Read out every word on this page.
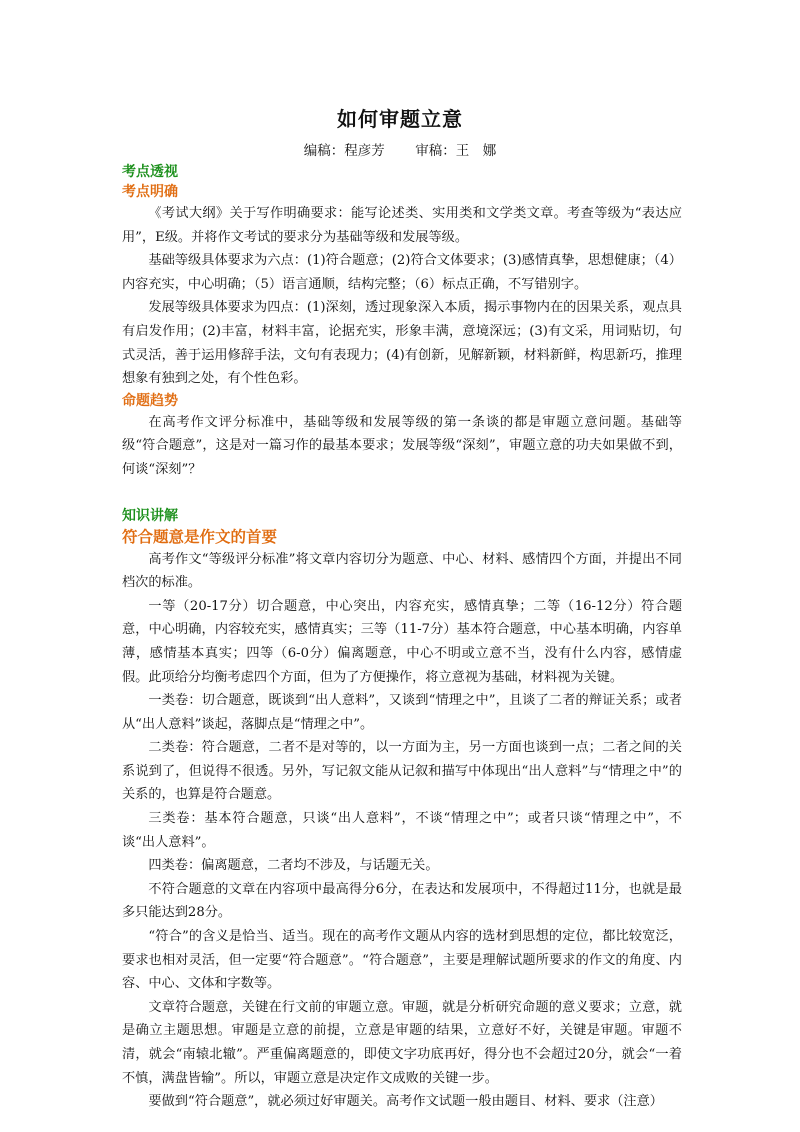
如何审题立意
编稿：程彦芳 审稿：王　娜
考点透视
考点明确

《考试大纲》关于写作明确要求：能写论述类、实用类和文学类文章。考查等级为“表达应用”，E级。并将作文考试的要求分为基础等级和发展等级。

基础等级具体要求为六点：(1)符合题意；(2)符合文体要求；(3)感情真挚，思想健康；（4）内容充实，中心明确；（5）语言通顺，结构完整；（6）标点正确，不写错别字。

发展等级具体要求为四点：(1)深刻，透过现象深入本质，揭示事物内在的因果关系，观点具有启发作用；(2)丰富，材料丰富，论据充实，形象丰满，意境深远；(3)有文采，用词贴切，句式灵活，善于运用修辞手法，文句有表现力；(4)有创新，见解新颖，材料新鲜，构思新巧，推理想象有独到之处，有个性色彩。

命题趋势

在高考作文评分标准中，基础等级和发展等级的第一条谈的都是审题立意问题。基础等级“符合题意”，这是对一篇习作的最基本要求；发展等级“深刻”，审题立意的功夫如果做不到，何谈“深刻”？

知识讲解
符合题意是作文的首要

高考作文“等级评分标准”将文章内容切分为题意、中心、材料、感情四个方面，并提出不同档次的标准。

一等（20-17分）切合题意，中心突出，内容充实，感情真挚；二等（16-12分）符合题意，中心明确，内容较充实，感情真实；三等（11-7分）基本符合题意，中心基本明确，内容单薄，感情基本真实；四等（6-0分）偏离题意，中心不明或立意不当，没有什么内容，感情虚假。此项给分均衡考虑四个方面，但为了方便操作，将立意视为基础，材料视为关键。

一类卷：切合题意，既谈到“出人意料”，又谈到“情理之中”，且谈了二者的辩证关系；或者从“出人意料”谈起，落脚点是“情理之中”。

二类卷：符合题意，二者不是对等的，以一方面为主，另一方面也谈到一点；二者之间的关系说到了，但说得不很透。另外，写记叙文能从记叙和描写中体现出“出人意料”与“情理之中”的关系的，也算是符合题意。

三类卷：基本符合题意，只谈“出人意料”，不谈“情理之中”；或者只谈“情理之中”，不谈“出人意料”。

四类卷：偏离题意，二者均不涉及，与话题无关。

不符合题意的文章在内容项中最高得分6分，在表达和发展项中，不得超过11分，也就是最多只能达到28分。

“符合”的含义是恰当、适当。现在的高考作文题从内容的选材到思想的定位，都比较宽泛，要求也相对灵活，但一定要“符合题意”。“符合题意”，主要是理解试题所要求的作文的角度、内容、中心、文体和字数等。

文章符合题意，关键在行文前的审题立意。审题，就是分析研究命题的意义要求；立意，就是确立主题思想。审题是立意的前提，立意是审题的结果，立意好不好，关键是审题。审题不清，就会“南辕北辙”。严重偏离题意的，即使文字功底再好，得分也不会超过20分，就会“一着不慎，满盘皆输”。所以，审题立意是决定作文成败的关键一步。

要做到“符合题意”，就必须过好审题关。高考作文试题一般由题目、材料、要求（注意）
